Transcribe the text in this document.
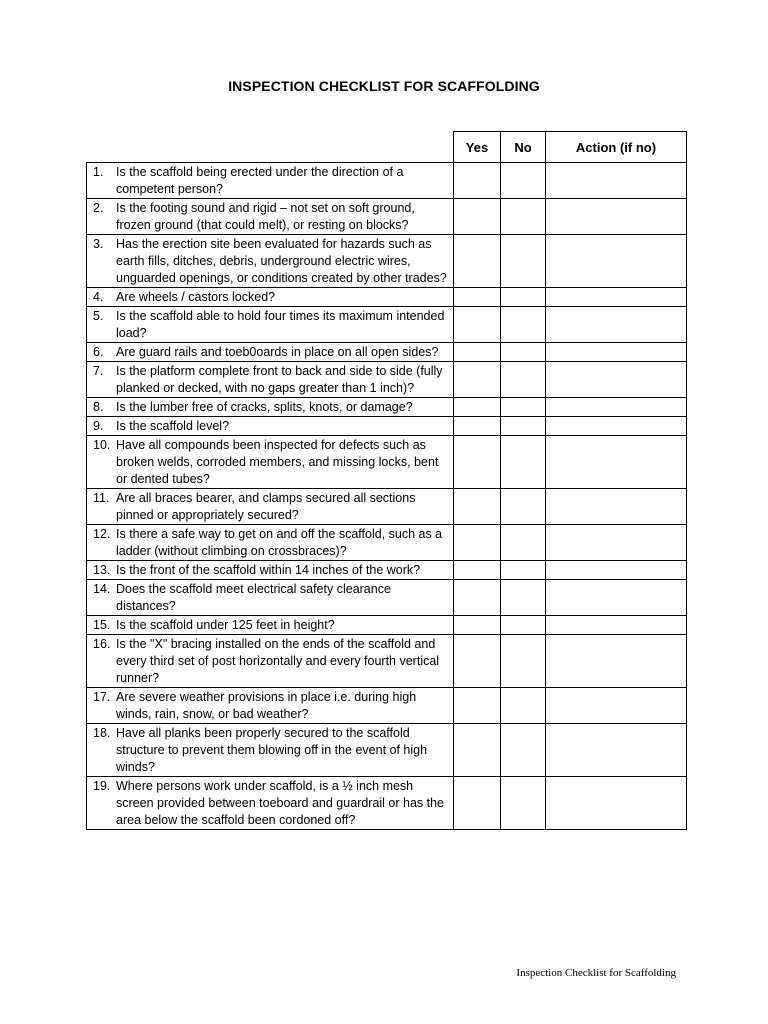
INSPECTION CHECKLIST FOR SCAFFOLDING
	Yes	No	Action (if no)

1. Is the scaffold being erected under the direction of a competent person?			

2. Is the footing sound and rigid – not set on soft ground, frozen ground (that could melt), or resting on blocks?			

3. Has the erection site been evaluated for hazards such as earth fills, ditches, debris, underground electric wires, unguarded openings, or conditions created by other trades?			

4. Are wheels / castors locked?			

5. Is the scaffold able to hold four times its maximum intended load?			

6. Are guard rails and toeb0oards in place on all open sides?			

7. Is the platform complete front to back and side to side (fully planked or decked, with no gaps greater than 1 inch)?			

8. Is the lumber free of cracks, splits, knots, or damage?			

9. Is the scaffold level?			

10. Have all compounds been inspected for defects such as broken welds, corroded members, and missing locks, bent or dented tubes?			

11. Are all braces bearer, and clamps secured all sections pinned or appropriately secured?			

12. Is there a safe way to get on and off the scaffold, such as a ladder (without climbing on crossbraces)?			

13. Is the front of the scaffold within 14 inches of the work?			

14. Does the scaffold meet electrical safety clearance distances?			

15. Is the scaffold under 125 feet in height?			

16. Is the "X" bracing installed on the ends of the scaffold and every third set of post horizontally and every fourth vertical runner?			

17. Are severe weather provisions in place i.e. during high winds, rain, snow, or bad weather?			

18. Have all planks been properly secured to the scaffold structure to prevent them blowing off in the event of high winds?			

19. Where persons work under scaffold, is a ½ inch mesh screen provided between toeboard and guardrail or has the area below the scaffold been cordoned off?			

Inspection Checklist for Scaffolding
